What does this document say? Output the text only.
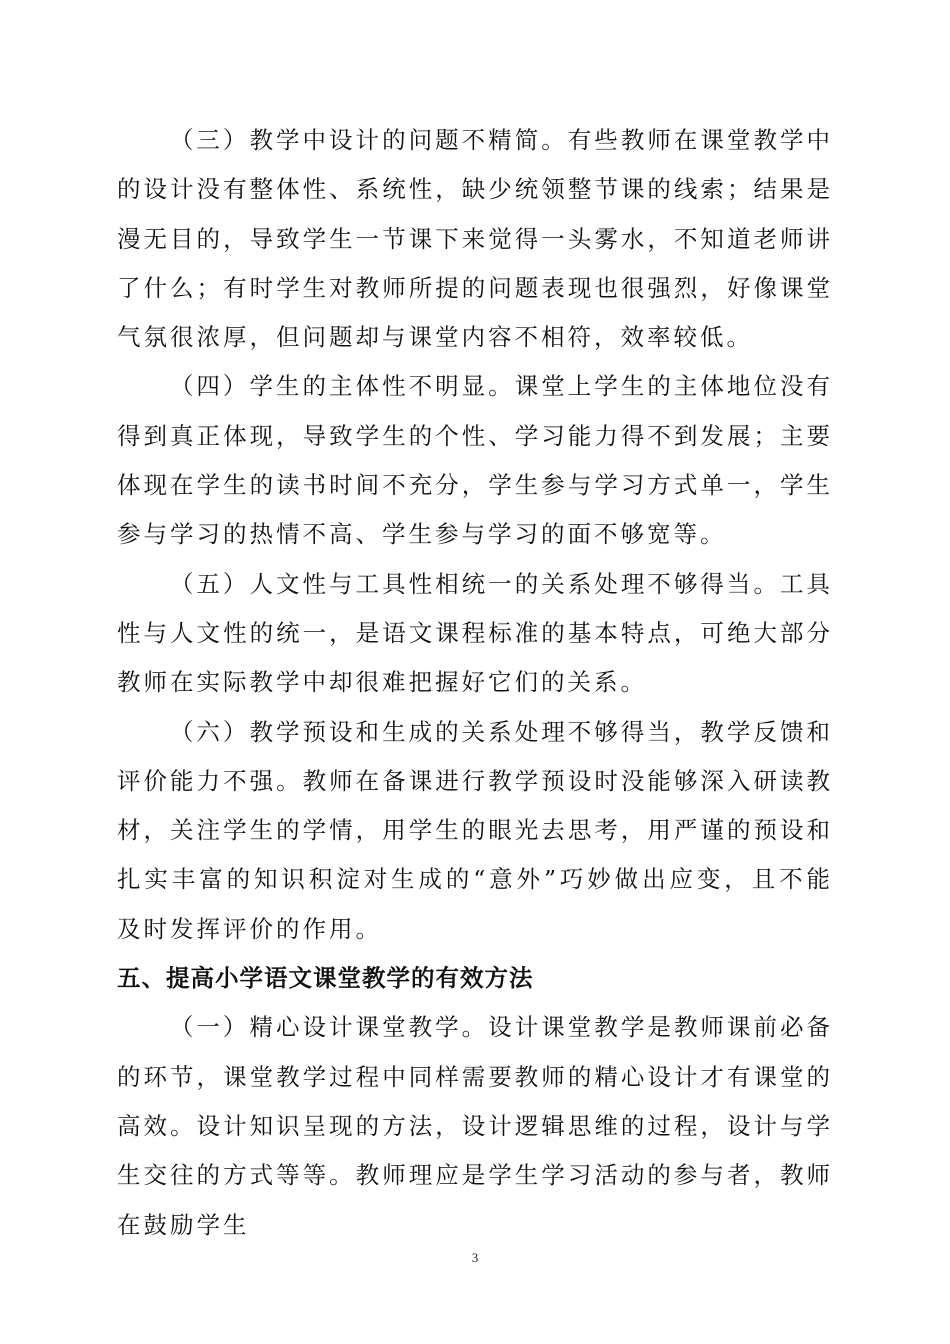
（三）教学中设计的问题不精简。有些教师在课堂教学中的设计没有整体性、系统性，缺少统领整节课的线索；结果是漫无目的，导致学生一节课下来觉得一头雾水，不知道老师讲了什么；有时学生对教师所提的问题表现也很强烈，好像课堂气氛很浓厚，但问题却与课堂内容不相符，效率较低。

（四）学生的主体性不明显。课堂上学生的主体地位没有得到真正体现，导致学生的个性、学习能力得不到发展；主要体现在学生的读书时间不充分，学生参与学习方式单一，学生参与学习的热情不高、学生参与学习的面不够宽等。

（五）人文性与工具性相统一的关系处理不够得当。工具性与人文性的统一，是语文课程标准的基本特点，可绝大部分教师在实际教学中却很难把握好它们的关系。

（六）教学预设和生成的关系处理不够得当，教学反馈和评价能力不强。教师在备课进行教学预设时没能够深入研读教材，关注学生的学情，用学生的眼光去思考，用严谨的预设和扎实丰富的知识积淀对生成的“意外”巧妙做出应变，且不能及时发挥评价的作用。

五、提高小学语文课堂教学的有效方法

（一）精心设计课堂教学。设计课堂教学是教师课前必备的环节，课堂教学过程中同样需要教师的精心设计才有课堂的高效。设计知识呈现的方法，设计逻辑思维的过程，设计与学生交往的方式等等。教师理应是学生学习活动的参与者，教师在鼓励学生

3
